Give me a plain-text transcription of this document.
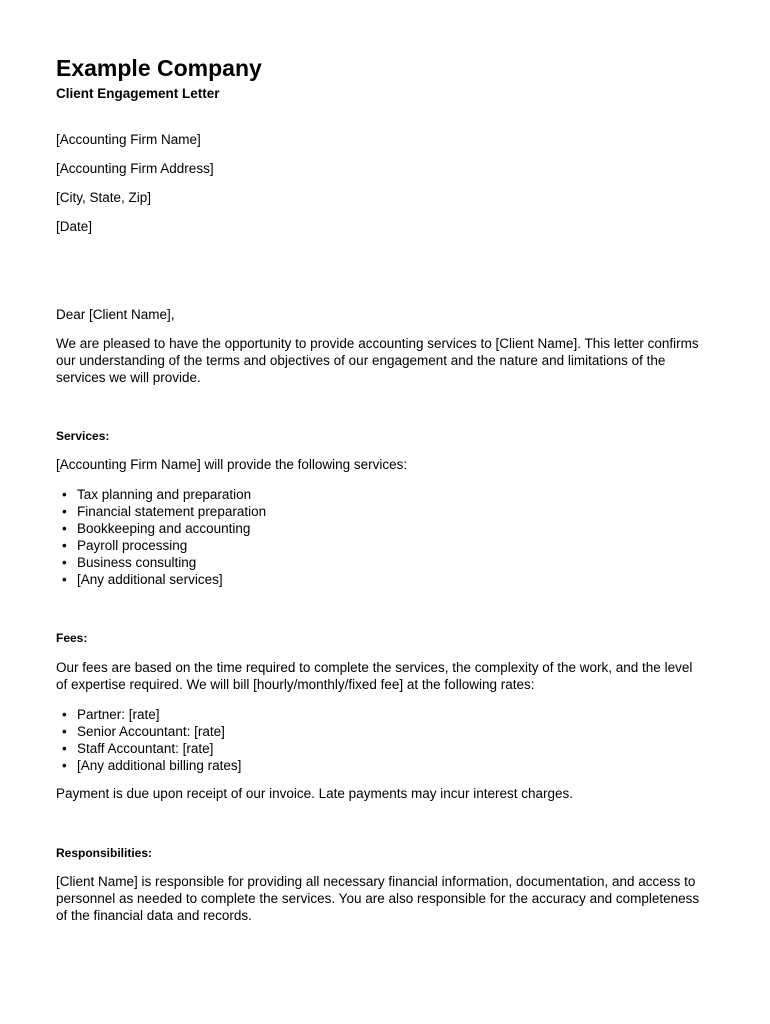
Example Company
Client Engagement Letter
[Accounting Firm Name]
[Accounting Firm Address]
[City, State, Zip]
[Date]
Dear [Client Name],

We are pleased to have the opportunity to provide accounting services to [Client Name]. This letter confirms our understanding of the terms and objectives of our engagement and the nature and limitations of the services we will provide.

Services:
[Accounting Firm Name] will provide the following services:
• Tax planning and preparation
• Financial statement preparation
• Bookkeeping and accounting
• Payroll processing
• Business consulting
• [Any additional services]
Fees:

Our fees are based on the time required to complete the services, the complexity of the work, and the level of expertise required. We will bill [hourly/monthly/fixed fee] at the following rates:

• Partner: [rate]
• Senior Accountant: [rate]
• Staff Accountant: [rate]
• [Any additional billing rates]
Payment is due upon receipt of our invoice. Late payments may incur interest charges.
Responsibilities:

[Client Name] is responsible for providing all necessary financial information, documentation, and access to personnel as needed to complete the services. You are also responsible for the accuracy and completeness of the financial data and records.
